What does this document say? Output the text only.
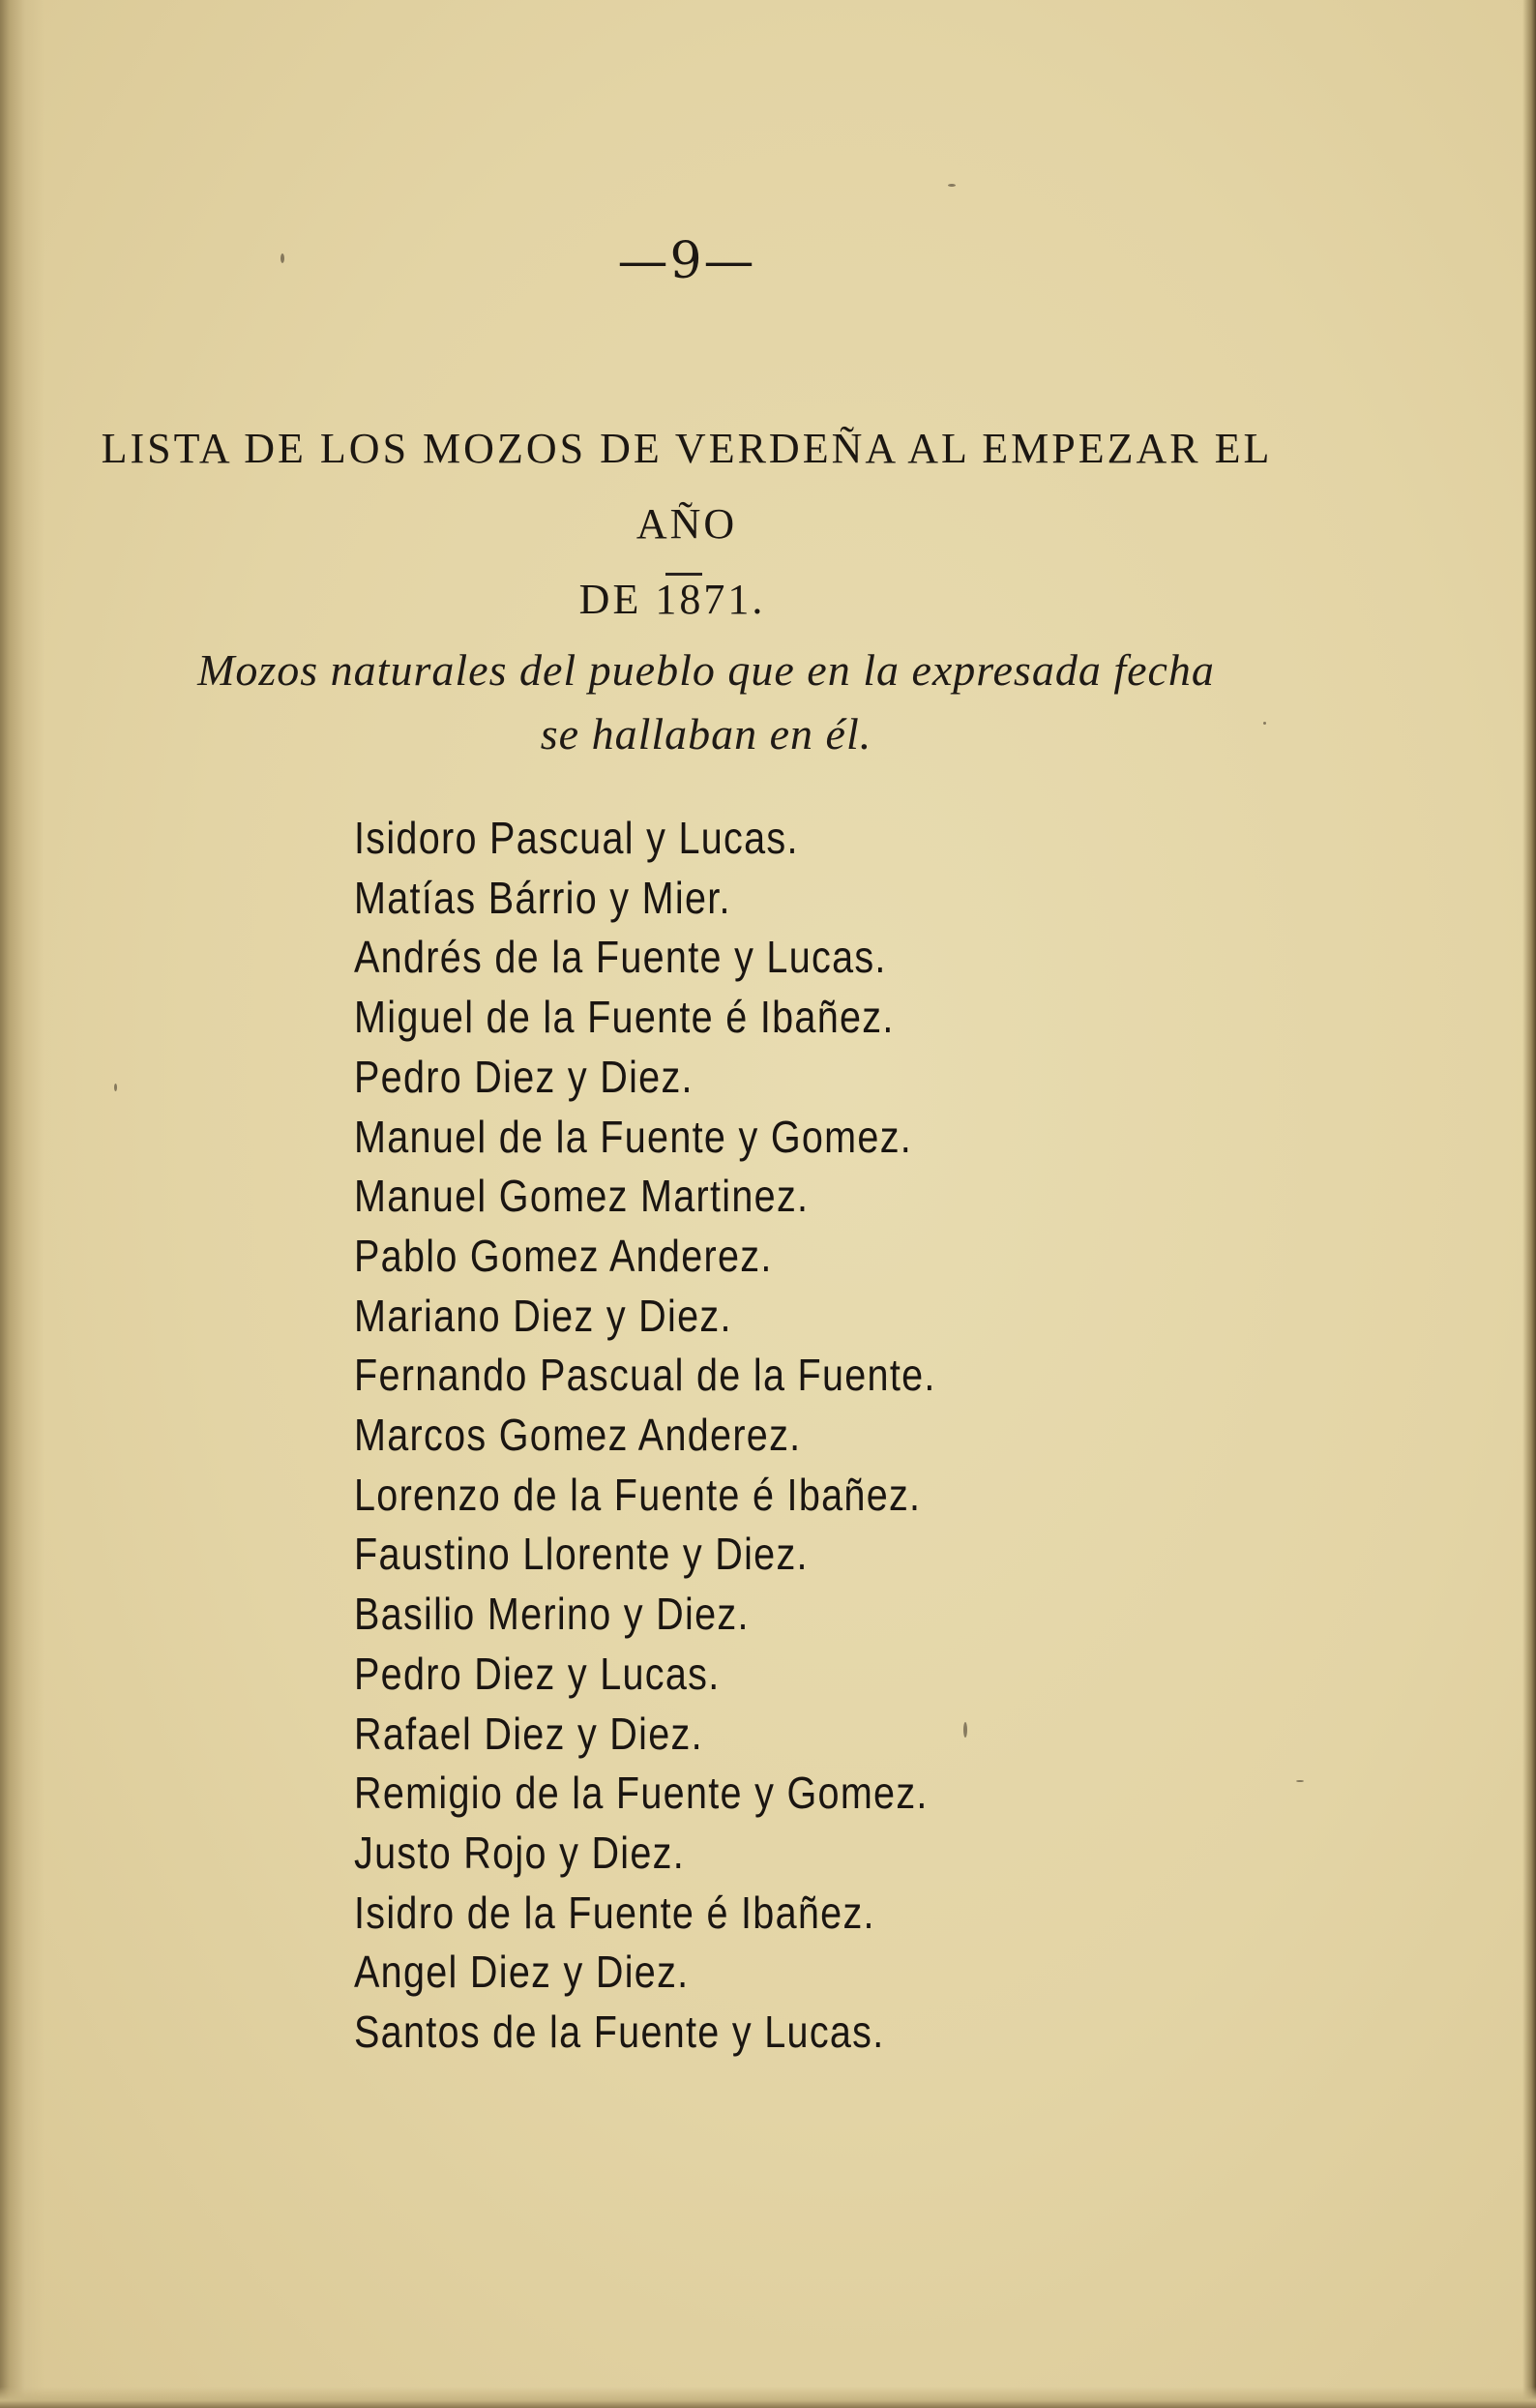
—9—
LISTA DE LOS MOZOS DE VERDEÑA AL EMPEZAR EL AÑO
DE 1871.
Mozos naturales del pueblo que en la expresada fecha
se hallaban en él.
Isidoro Pascual y Lucas.
Matías Bárrio y Mier.
Andrés de la Fuente y Lucas.
Miguel de la Fuente é Ibañez.
Pedro Diez y Diez.
Manuel de la Fuente y Gomez.
Manuel Gomez Martinez.
Pablo Gomez Anderez.
Mariano Diez y Diez.
Fernando Pascual de la Fuente.
Marcos Gomez Anderez.
Lorenzo de la Fuente é Ibañez.
Faustino Llorente y Diez.
Basilio Merino y Diez.
Pedro Diez y Lucas.
Rafael Diez y Diez.
Remigio de la Fuente y Gomez.
Justo Rojo y Diez.
Isidro de la Fuente é Ibañez.
Angel Diez y Diez.
Santos de la Fuente y Lucas.
